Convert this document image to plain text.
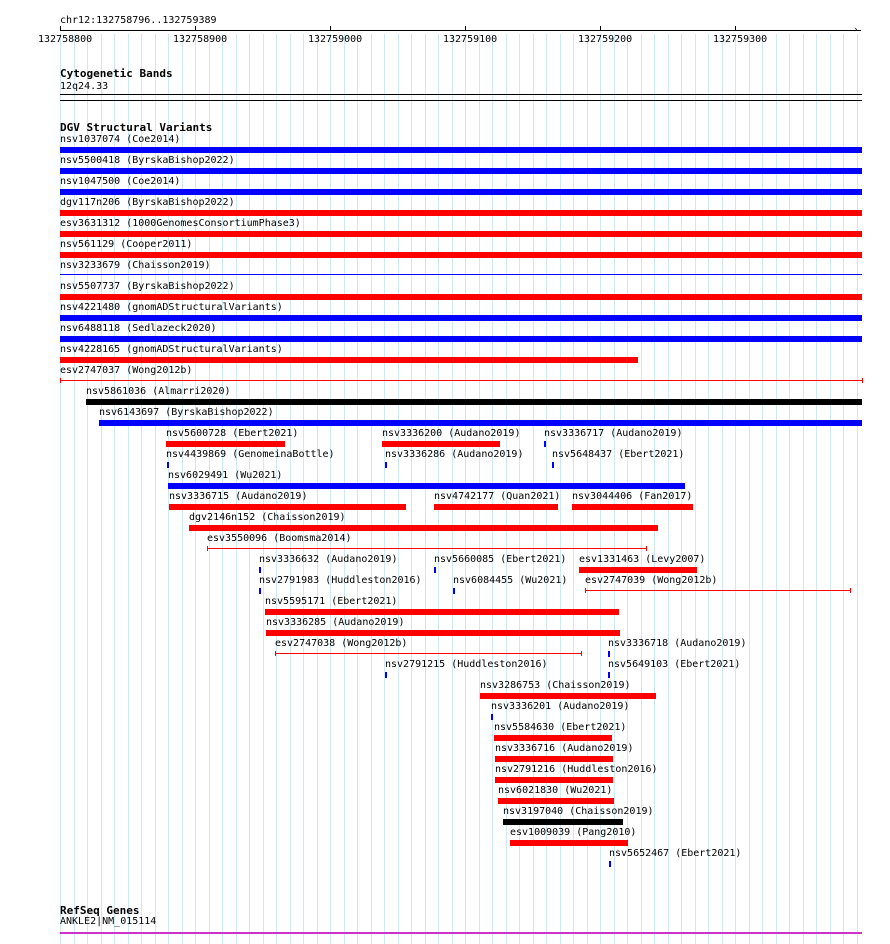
chr12:132758796..132759389
132758800	132758900	132759000	132759100	132759200	132759300
›
Cytogenetic Bands
12q24.33
DGV Structural Variants
nsv1037074 (Coe2014)
nsv5500418 (ByrskaBishop2022)
nsv1047500 (Coe2014)
dgv117n206 (ByrskaBishop2022)
esv3631312 (1000GenomesConsortiumPhase3)
nsv561129 (Cooper2011)
nsv3233679 (Chaisson2019)
nsv5507737 (ByrskaBishop2022)
nsv4221480 (gnomADStructuralVariants)
nsv6488118 (Sedlazeck2020)
nsv4228165 (gnomADStructuralVariants)
esv2747037 (Wong2012b)
nsv5861036 (Almarri2020)
nsv6143697 (ByrskaBishop2022)
nsv5600728 (Ebert2021)	nsv3336200 (Audano2019) nsv3336717 (Audano2019)
nsv4439869 (GenomeinaBottle)	nsv3336286 (Audano2019)	nsv5648437 (Ebert2021)
nsv6029491 (Wu2021)
nsv3336715 (Audano2019)	nsv4742177 (Quan2021) nsv3044406 (Fan2017)
dgv2146n152 (Chaisson2019)
esv3550096 (Boomsma2014)
nsv3336632 (Audano2019)	nsv5660085 (Ebert2021) esv1331463 (Levy2007)
nsv2791983 (Huddleston2016)	nsv6084455 (Wu2021) esv2747039 (Wong2012b)
nsv5595171 (Ebert2021)
nsv3336285 (Audano2019)
esv2747038 (Wong2012b)	nsv3336718 (Audano2019)
nsv2791215 (Huddleston2016)	nsv5649103 (Ebert2021)
nsv3286753 (Chaisson2019)
nsv3336201 (Audano2019)
nsv5584630 (Ebert2021)
nsv3336716 (Audano2019)
nsv2791216 (Huddleston2016)
nsv6021830 (Wu2021)
nsv3197040 (Chaisson2019)
esv1009039 (Pang2010)
nsv5652467 (Ebert2021)
RefSeq Genes
ANKLE2|NM_015114
